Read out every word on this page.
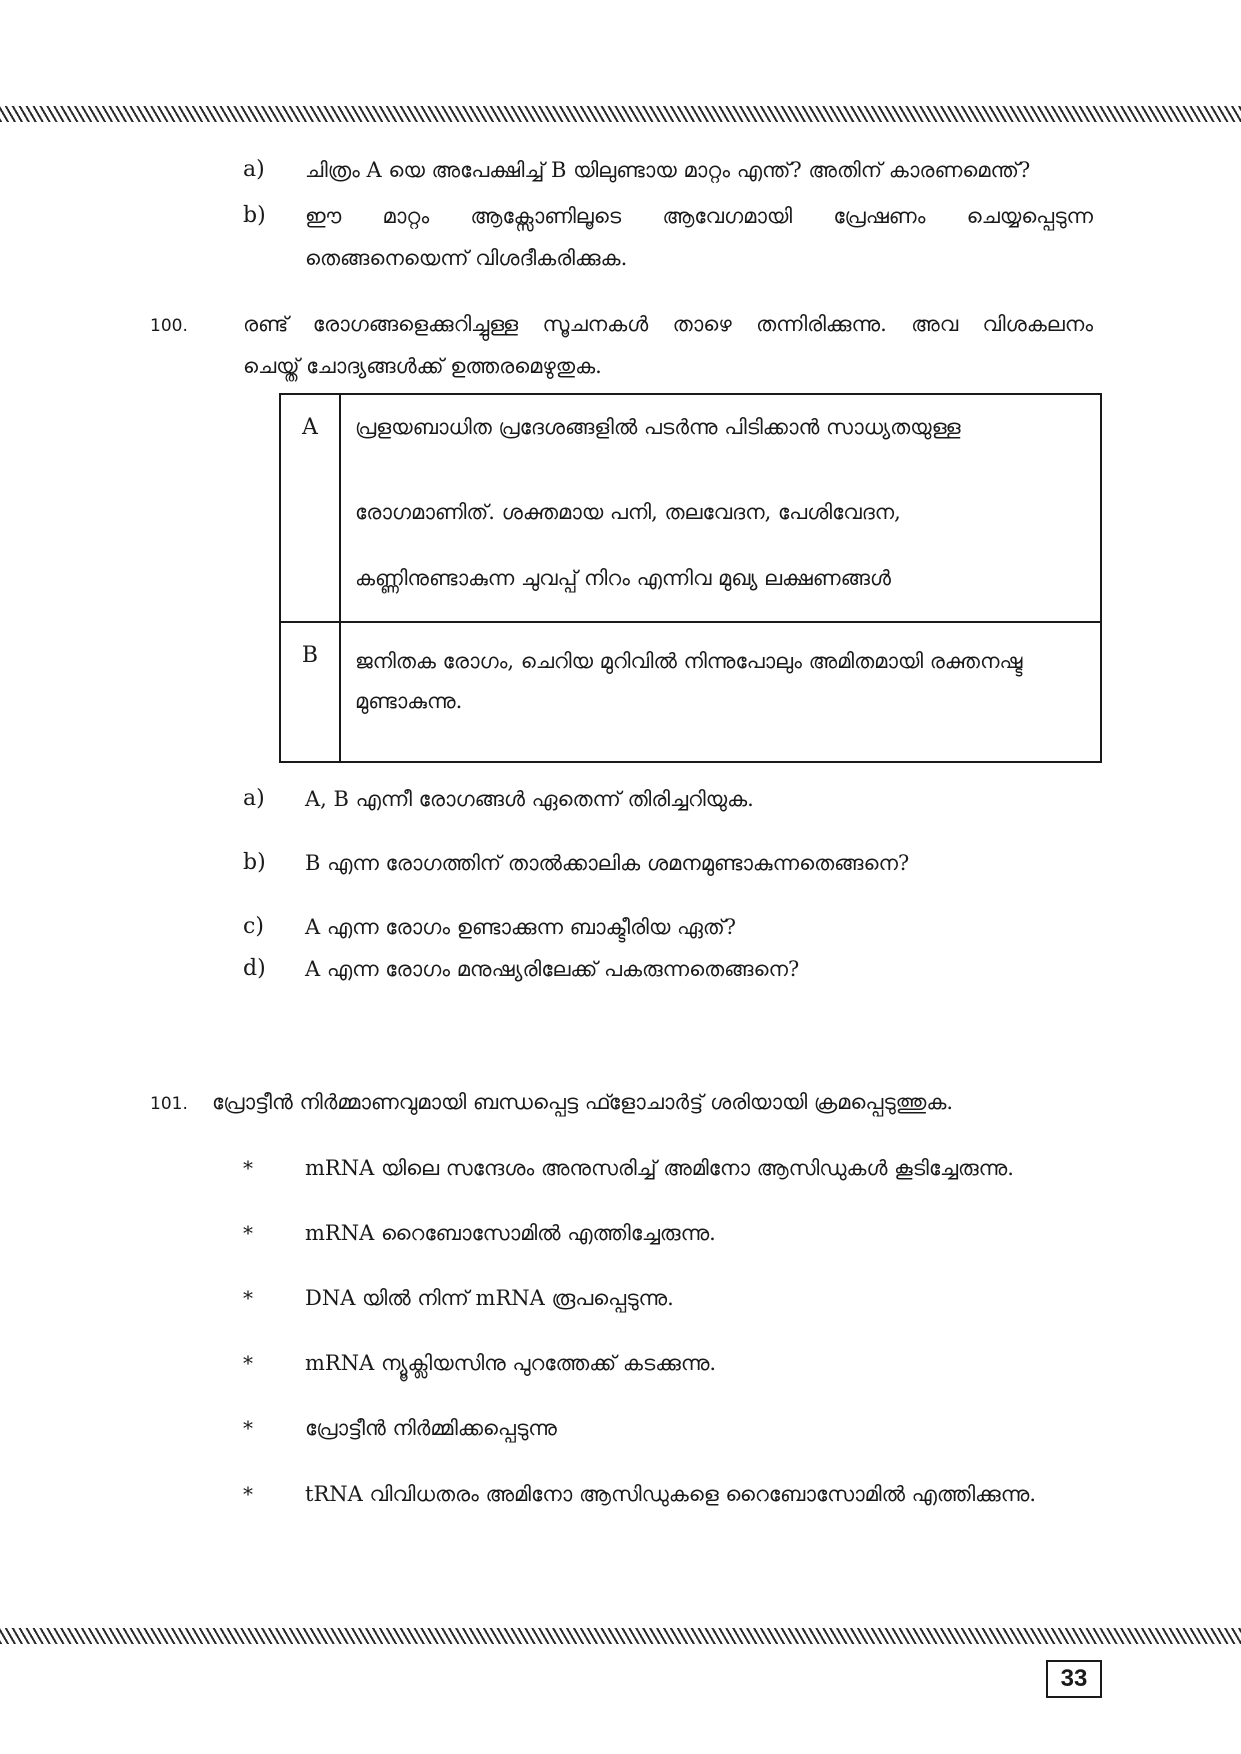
a)	ചിത്രം A യെ അപേക്ഷിച്ച് B യിലുണ്ടായ മാറ്റം എന്ത്? അതിന് കാരണമെന്ത്?
b)	ഈ മാറ്റം ആക്സോണിലൂടെ ആവേഗമായി പ്രേഷണം ചെയ്യപ്പെടുന്ന
തെങ്ങനെയെന്ന് വിശദീകരിക്കുക.
100.	രണ്ട് രോഗങ്ങളെക്കുറിച്ചുള്ള സൂചനകൾ താഴെ തന്നിരിക്കുന്നു. അവ വിശകലനം
ചെയ്ത് ചോദ്യങ്ങൾക്ക് ഉത്തരമെഴുതുക.
A	പ്രളയബാധിത പ്രദേശങ്ങളിൽ പടർന്നു പിടിക്കാൻ സാധ്യതയുള്ള

രോഗമാണിത്. ശക്തമായ പനി, തലവേദന, പേശിവേദന,

കണ്ണിനുണ്ടാകുന്ന ചുവപ്പ് നിറം എന്നിവ മുഖ്യ ലക്ഷണങ്ങൾ

B	ജനിതക രോഗം, ചെറിയ മുറിവിൽ നിന്നുപോലും അമിതമായി രക്തനഷ്ട
മുണ്ടാകുന്നു.
a)	A, B എന്നീ രോഗങ്ങൾ ഏതെന്ന് തിരിച്ചറിയുക.
b)	B എന്ന രോഗത്തിന് താൽക്കാലിക ശമനമുണ്ടാകുന്നതെങ്ങനെ?
c)	A എന്ന രോഗം ഉണ്ടാക്കുന്ന ബാക്ടീരിയ ഏത്?
d)	A എന്ന രോഗം മനുഷ്യരിലേക്ക് പകരുന്നതെങ്ങനെ?
101. പ്രോട്ടീൻ നിർമ്മാണവുമായി ബന്ധപ്പെട്ട ഫ്ളോചാർട്ട് ശരിയായി ക്രമപ്പെടുത്തുക.
* mRNA യിലെ സന്ദേശം അനുസരിച്ച് അമിനോ ആസിഡുകൾ കൂടിച്ചേരുന്നു.
* mRNA റൈബോസോമിൽ എത്തിച്ചേരുന്നു.
* DNA യിൽ നിന്ന് mRNA രൂപപ്പെടുന്നു.
* mRNA ന്യൂക്ലിയസിനു പുറത്തേക്ക് കടക്കുന്നു.
* പ്രോട്ടീൻ നിർമ്മിക്കപ്പെടുന്നു
* tRNA വിവിധതരം അമിനോ ആസിഡുകളെ റൈബോസോമിൽ എത്തിക്കുന്നു.
33
